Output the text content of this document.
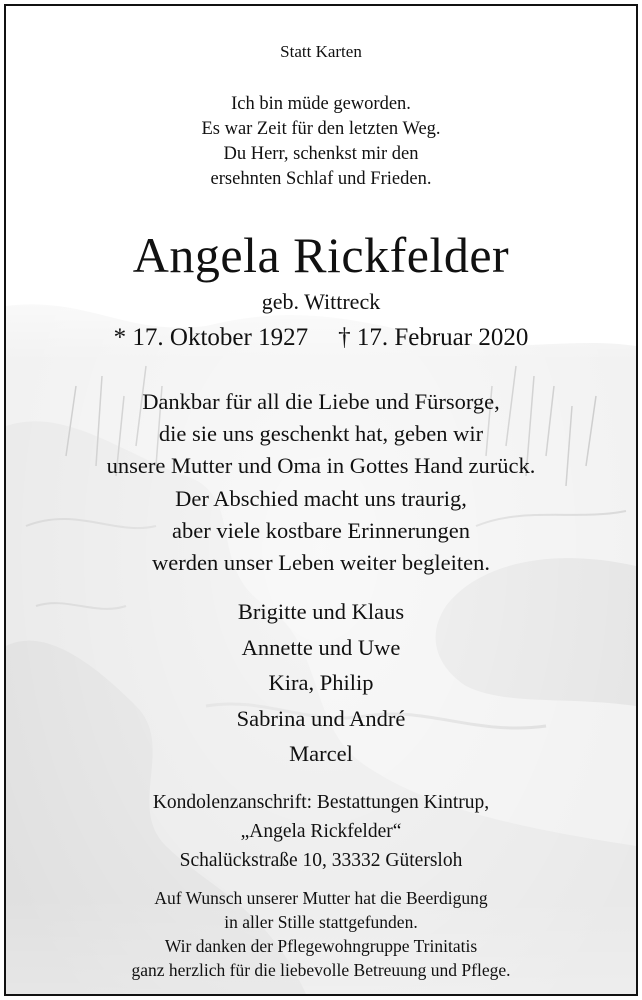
Statt Karten
Ich bin müde geworden.
Es war Zeit für den letzten Weg.
Du Herr, schenkst mir den
ersehnten Schlaf und Frieden.
Angela Rickfelder
geb. Wittreck
* 17. Oktober 1927 † 17. Februar 2020
Dankbar für all die Liebe und Fürsorge,
die sie uns geschenkt hat, geben wir
unsere Mutter und Oma in Gottes Hand zurück.
Der Abschied macht uns traurig,
aber viele kostbare Erinnerungen
werden unser Leben weiter begleiten.
Brigitte und Klaus
Annette und Uwe
Kira, Philip
Sabrina und André
Marcel
Kondolenzanschrift: Bestattungen Kintrup,
„Angela Rickfelder“
Schalückstraße 10, 33332 Gütersloh
Auf Wunsch unserer Mutter hat die Beerdigung
in aller Stille stattgefunden.
Wir danken der Pflegewohngruppe Trinitatis
ganz herzlich für die liebevolle Betreuung und Pflege.
